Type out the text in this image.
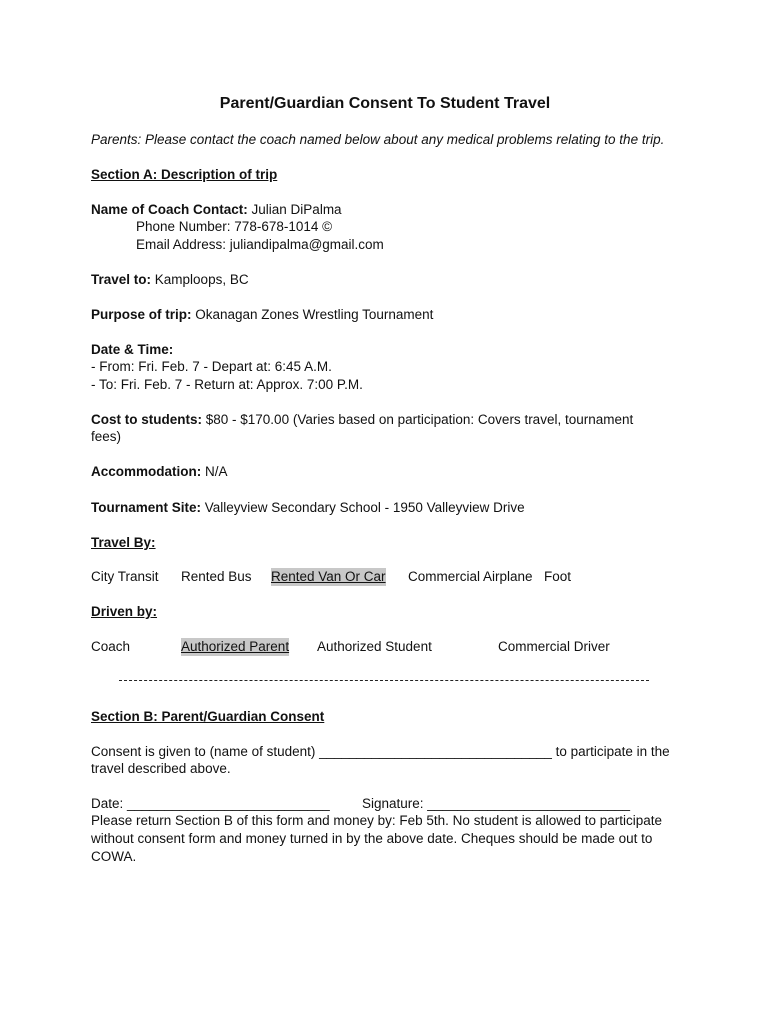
Parent/Guardian Consent To Student Travel
Parents: Please contact the coach named below about any medical problems relating to the trip.
Section A: Description of trip
Name of Coach Contact: Julian DiPalma
Phone Number: 778-678-1014 ©
Email Address: juliandipalma@gmail.com
Travel to: Kamploops, BC
Purpose of trip: Okanagan Zones Wrestling Tournament
Date & Time:
- From: Fri. Feb. 7 - Depart at: 6:45 A.M.
- To: Fri. Feb. 7 - Return at: Approx. 7:00 P.M.
Cost to students: $80 - $170.00 (Varies based on participation: Covers travel, tournament
fees)
Accommodation: N/A
Tournament Site: Valleyview Secondary School - 1950 Valleyview Drive
Travel By:
City Transit Rented Bus Rented Van Or Car Commercial Airplane Foot
Driven by:
Coach	Authorized Parent Authorized Student	Commercial Driver
Section B: Parent/Guardian Consent
Consent is given to (name of student) _______________________________ to participate in the
travel described above.
Date: ___________________________ Signature: ___________________________
Please return Section B of this form and money by: Feb 5th. No student is allowed to participate
without consent form and money turned in by the above date. Cheques should be made out to
COWA.
